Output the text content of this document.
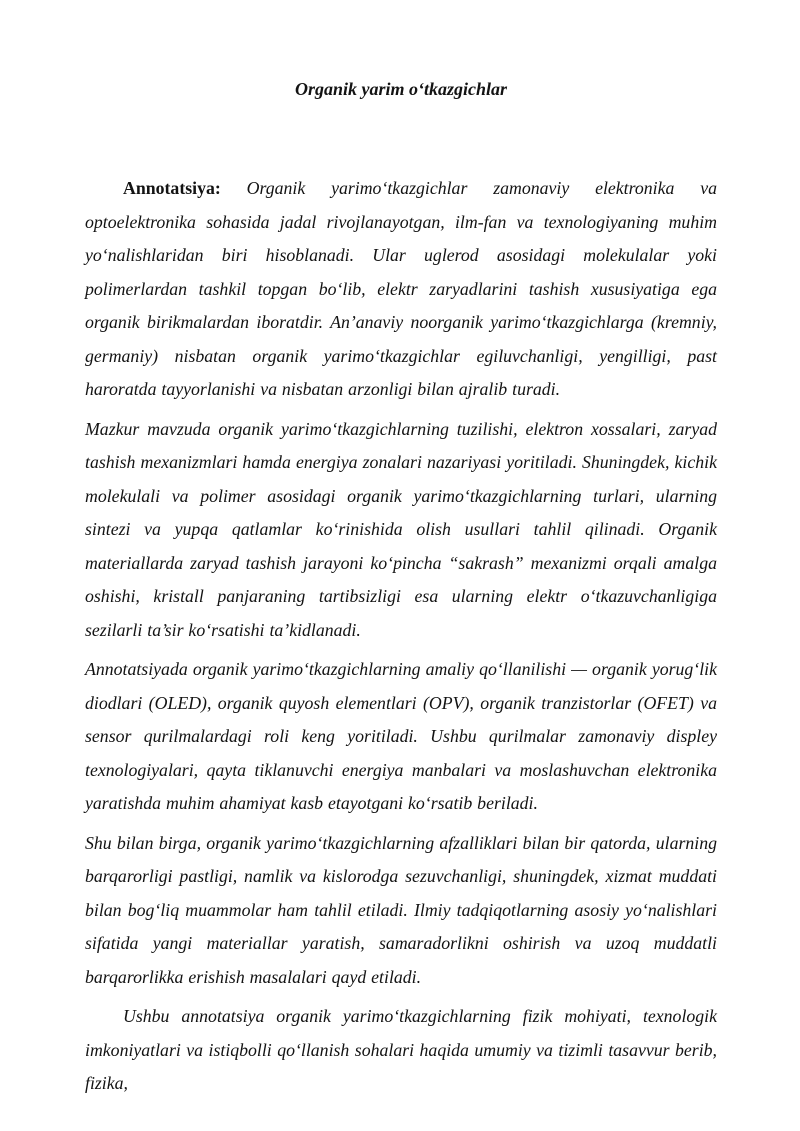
Organik yarim o‘tkazgichlar

Annotatsiya: Organik yarimo‘tkazgichlar zamonaviy elektronika va optoelektronika sohasida jadal rivojlanayotgan, ilm-fan va texnologiyaning muhim yo‘nalishlaridan biri hisoblanadi. Ular uglerod asosidagi molekulalar yoki polimerlardan tashkil topgan bo‘lib, elektr zaryadlarini tashish xususiyatiga ega organik birikmalardan iboratdir. An’anaviy noorganik yarimo‘tkazgichlarga (kremniy, germaniy) nisbatan organik yarimo‘tkazgichlar egiluvchanligi, yengilligi, past haroratda tayyorlanishi va nisbatan arzonligi bilan ajralib turadi.

Mazkur mavzuda organik yarimo‘tkazgichlarning tuzilishi, elektron xossalari, zaryad tashish mexanizmlari hamda energiya zonalari nazariyasi yoritiladi. Shuningdek, kichik molekulali va polimer asosidagi organik yarimo‘tkazgichlarning turlari, ularning sintezi va yupqa qatlamlar ko‘rinishida olish usullari tahlil qilinadi. Organik materiallarda zaryad tashish jarayoni ko‘pincha “sakrash” mexanizmi orqali amalga oshishi, kristall panjaraning tartibsizligi esa ularning elektr o‘tkazuvchanligiga sezilarli ta’sir ko‘rsatishi ta’kidlanadi.

Annotatsiyada organik yarimo‘tkazgichlarning amaliy qo‘llanilishi — organik yorug‘lik diodlari (OLED), organik quyosh elementlari (OPV), organik tranzistorlar (OFET) va sensor qurilmalardagi roli keng yoritiladi. Ushbu qurilmalar zamonaviy displey texnologiyalari, qayta tiklanuvchi energiya manbalari va moslashuvchan elektronika yaratishda muhim ahamiyat kasb etayotgani ko‘rsatib beriladi.

Shu bilan birga, organik yarimo‘tkazgichlarning afzalliklari bilan bir qatorda, ularning barqarorligi pastligi, namlik va kislorodga sezuvchanligi, shuningdek, xizmat muddati bilan bog‘liq muammolar ham tahlil etiladi. Ilmiy tadqiqotlarning asosiy yo‘nalishlari sifatida yangi materiallar yaratish, samaradorlikni oshirish va uzoq muddatli barqarorlikka erishish masalalari qayd etiladi.

Ushbu annotatsiya organik yarimo‘tkazgichlarning fizik mohiyati, texnologik imkoniyatlari va istiqbolli qo‘llanish sohalari haqida umumiy va tizimli tasavvur berib, fizika,
